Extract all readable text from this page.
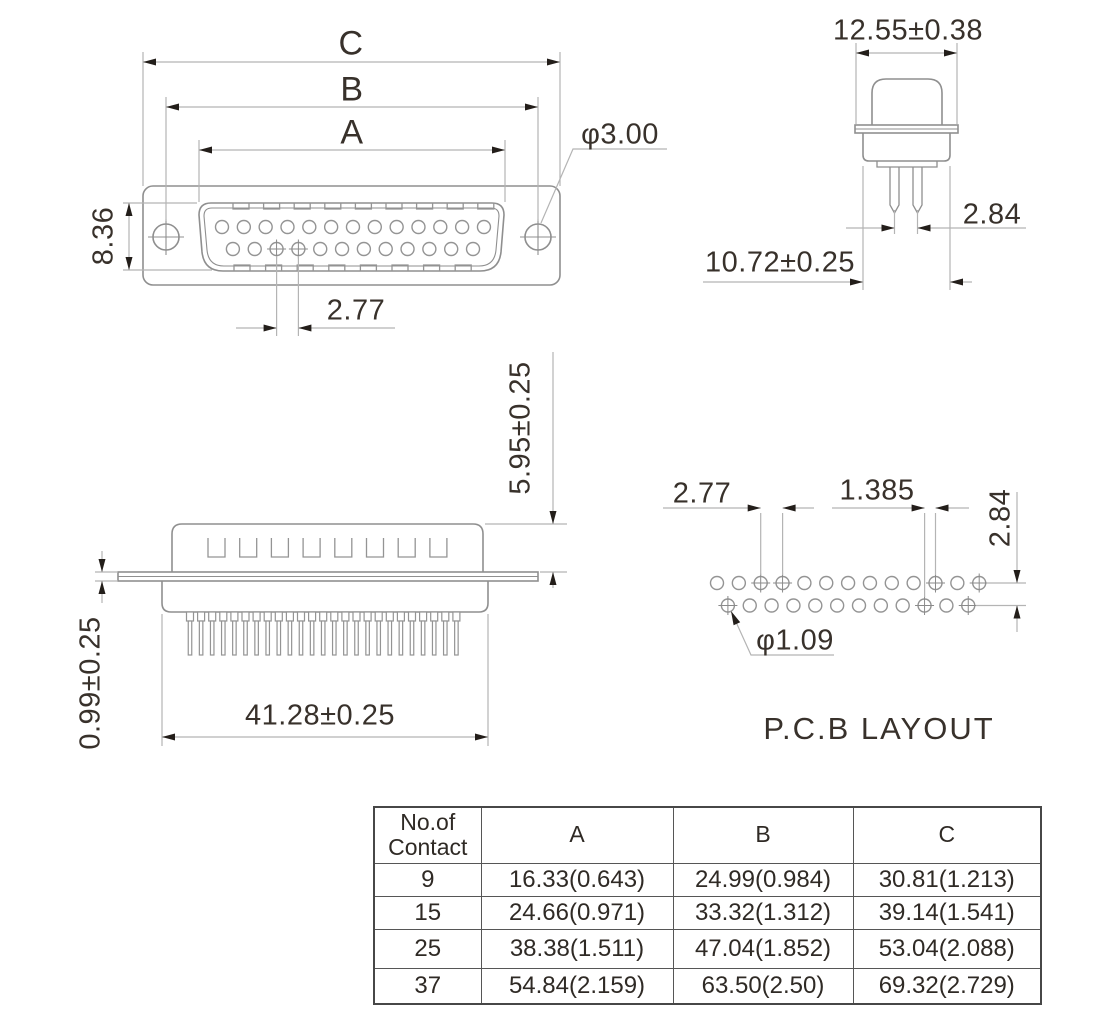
C
B
A	φ3.00
8.36
2.77
12.55±0.38
2.84
10.72±0.25
5.95±0.25
0.99±0.25	41.28±0.25
2.77	1.385 2.84
φ1.09
P.C.B LAYOUT
No.of Contact	A	B	C
9	16.33(0.643)	24.99(0.984)	30.81(1.213)
15	24.66(0.971)	33.32(1.312)	39.14(1.541)
25	38.38(1.511)	47.04(1.852)	53.04(2.088)
37	54.84(2.159)	63.50(2.50)	69.32(2.729)
